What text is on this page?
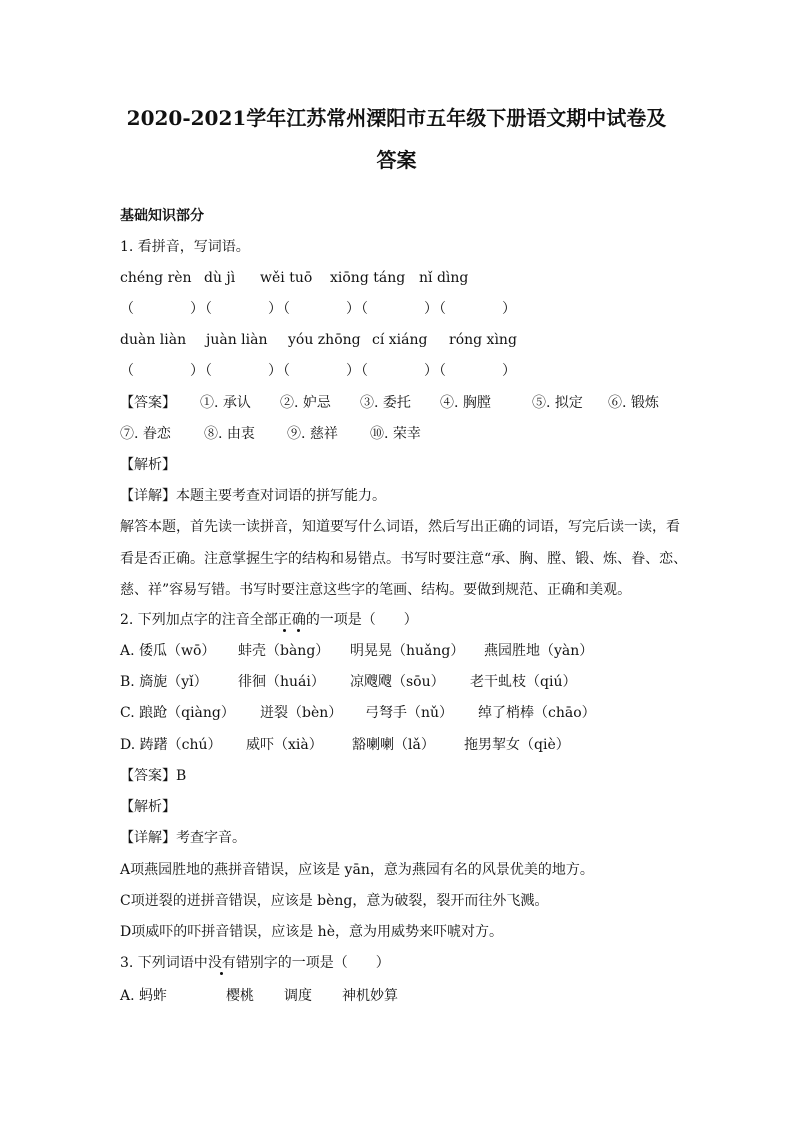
2020-2021学年江苏常州溧阳市五年级下册语文期中试卷及
答案

基础知识部分

1. 看拼音，写词语。

chéng rèn dù jì wěi tuō xiōng táng nǐ dìng
（　　　　）
（　　　　）
（　　　　）
（　　　　）
（　　　　）
duàn liàn juàn liàn yóu zhōng cí xiáng róng xìng
（　　　　）
（　　　　）
（　　　　）
（　　　　）
（　　　　）
【答案】 ①. 承认 ②. 妒忌 ③. 委托 ④. 胸膛	⑤. 拟定 ⑥. 锻炼
⑦. 眷恋 ⑧. 由衷 ⑨. 慈祥 ⑩. 荣幸

【解析】

【详解】本题主要考查对词语的拼写能力。

解答本题，首先读一读拼音，知道要写什么词语，然后写出正确的词语，写完后读一读，看

看是否正确。注意掌握生字的结构和易错点。书写时要注意“承、胸、膛、锻、炼、眷、恋、

慈、祥”容易写错。书写时要注意这些字的笔画、结构。要做到规范、正确和美观。

2. 下列加点字的注音全部正确的一项是（　　）

A. 倭瓜（wō） 蚌壳（bàng） 明晃晃（huǎng） 燕园胜地（yàn）
B. 旖旎（yǐ） 徘徊（huái） 凉飕飕（sōu） 老干虬枝（qiú）
C. 踉跄（qiàng） 迸裂（bèn） 弓弩手（nǔ） 绰了梢棒（chāo）
D. 踌躇（chú） 威吓（xià） 豁喇喇（lǎ） 拖男挈女（qiè）

【答案】B

【解析】

【详解】考查字音。

A项燕园胜地的燕拼音错误，应该是 yān，意为燕园有名的风景优美的地方。

C项迸裂的迸拼音错误，应该是 bèng，意为破裂，裂开而往外飞溅。

D项威吓的吓拼音错误，应该是 hè，意为用威势来吓唬对方。

3. 下列词语中没有错别字的一项是（　　）

A. 蚂蚱	樱桃 调度 神机妙算
